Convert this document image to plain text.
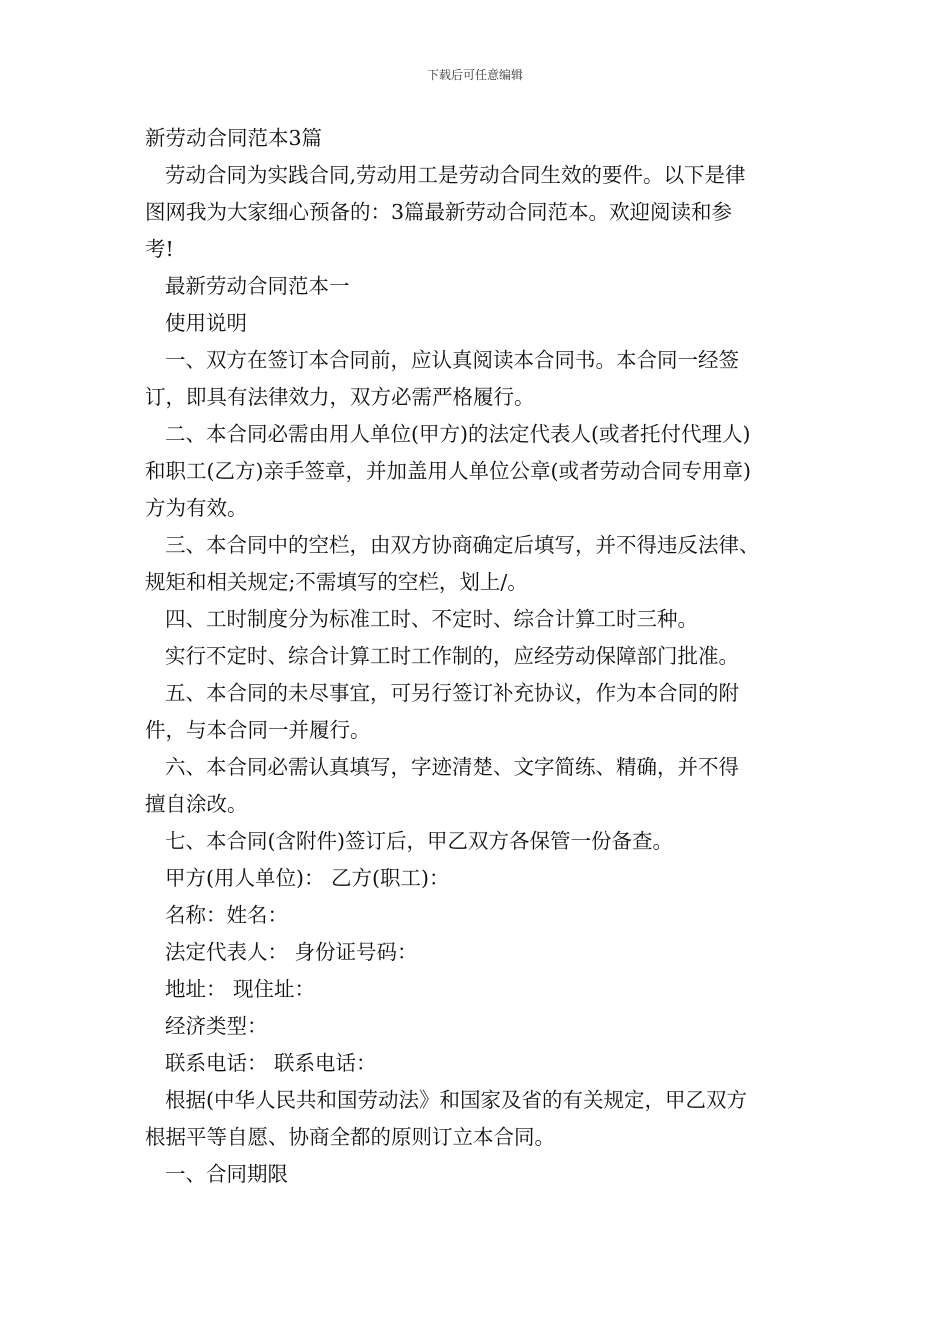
下载后可任意编辑
新劳动合同范本3篇
劳动合同为实践合同,劳动用工是劳动合同生效的要件。以下是律
图网我为大家细心预备的：3篇最新劳动合同范本。欢迎阅读和参
考!
最新劳动合同范本一
使用说明
一、双方在签订本合同前，应认真阅读本合同书。本合同一经签
订，即具有法律效力，双方必需严格履行。
二、本合同必需由用人单位(甲方)的法定代表人(或者托付代理人)
和职工(乙方)亲手签章，并加盖用人单位公章(或者劳动合同专用章)
方为有效。
三、本合同中的空栏，由双方协商确定后填写，并不得违反法律、
规矩和相关规定;不需填写的空栏，划上/。
四、工时制度分为标准工时、不定时、综合计算工时三种。
实行不定时、综合计算工时工作制的，应经劳动保障部门批准。
五、本合同的未尽事宜，可另行签订补充协议，作为本合同的附
件，与本合同一并履行。
六、本合同必需认真填写，字迹清楚、文字简练、精确，并不得
擅自涂改。
七、本合同(含附件)签订后，甲乙双方各保管一份备查。
甲方(用人单位)： 乙方(职工)：
名称：姓名：
法定代表人： 身份证号码：
地址： 现住址：
经济类型：
联系电话： 联系电话：
根据(中华人民共和国劳动法》和国家及省的有关规定，甲乙双方
根据平等自愿、协商全都的原则订立本合同。
一、合同期限
